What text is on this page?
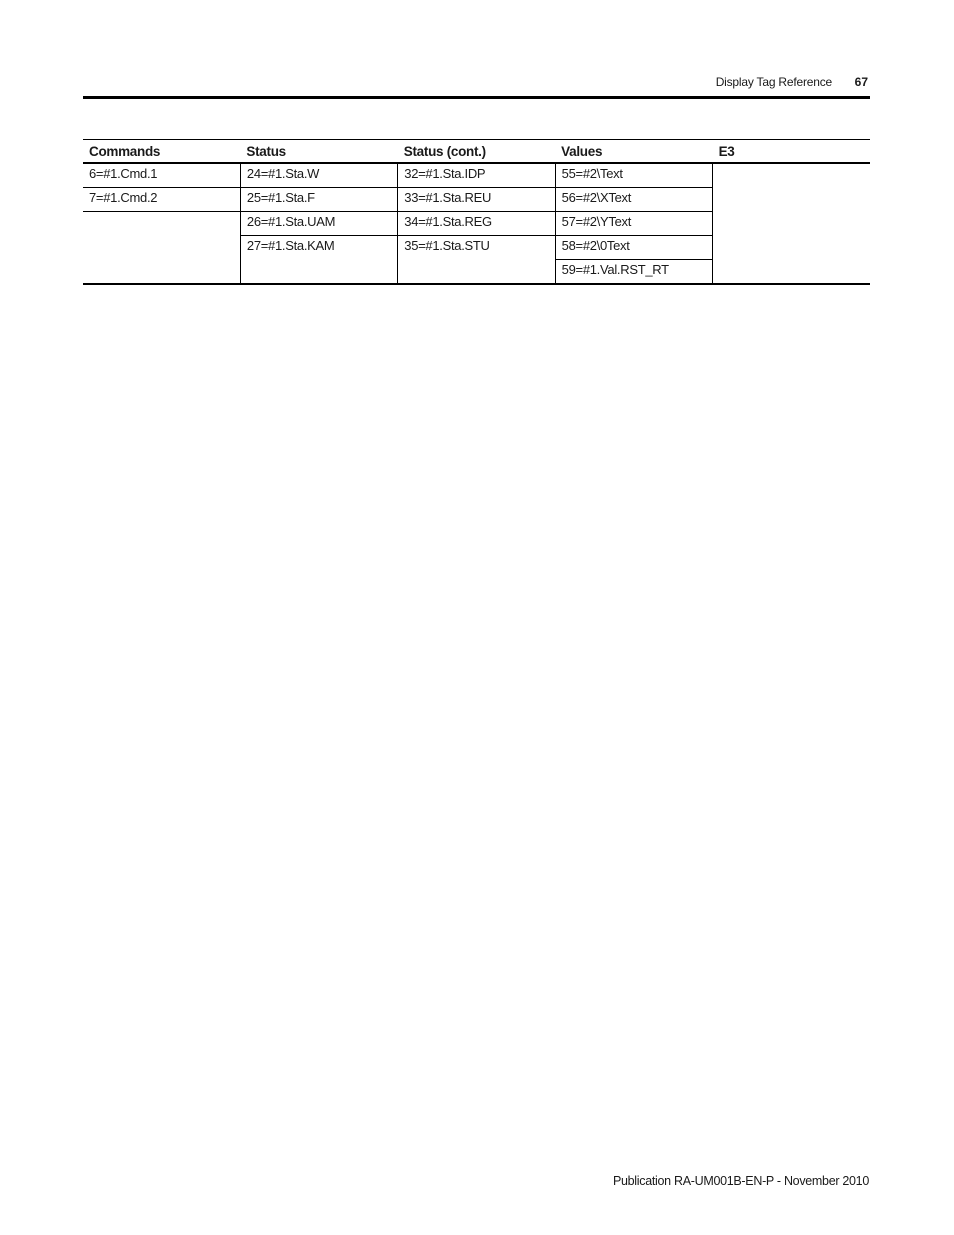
Display Tag Reference 67
Commands	Status	Status (cont.)	Values	E3
6=#1.Cmd.1	24=#1.Sta.W	32=#1.Sta.IDP	55=#2\Text	
7=#1.Cmd.2	25=#1.Sta.F	33=#1.Sta.REU	56=#2\XText	
	26=#1.Sta.UAM	34=#1.Sta.REG	57=#2\YText	
	27=#1.Sta.KAM	35=#1.Sta.STU	58=#2\0Text	
			59=#1.Val.RST_RT	
Publication RA-UM001B-EN-P - November 2010
